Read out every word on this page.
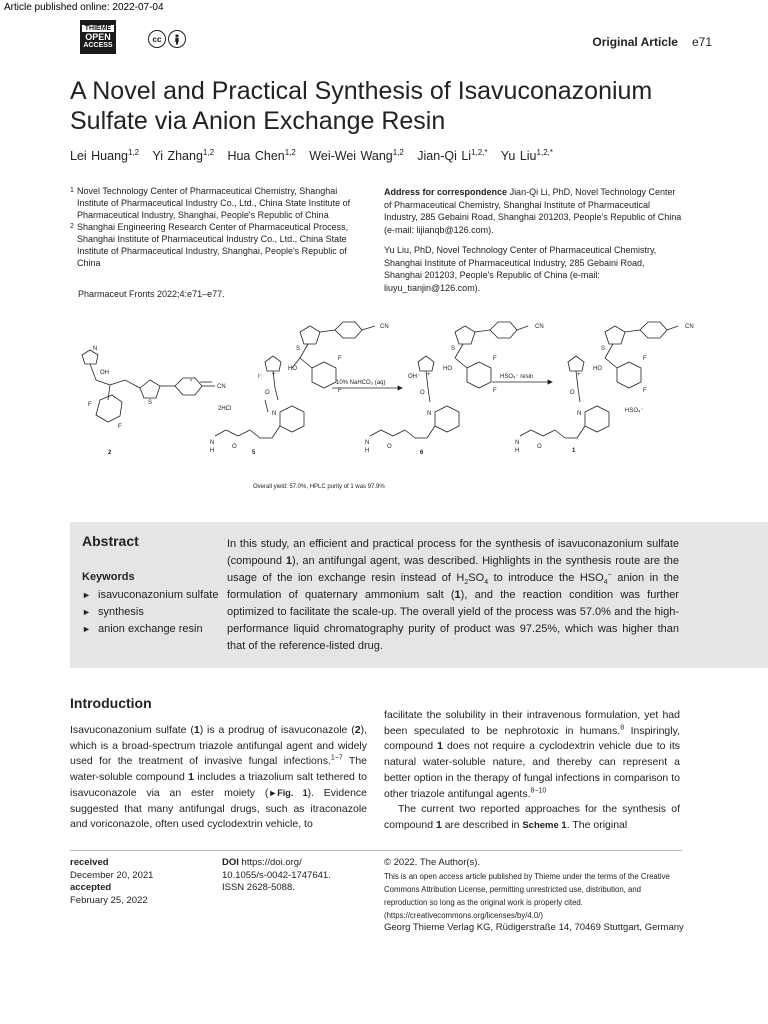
Article published online: 2022-07-04
THIEME
OPEN
ACCESS
cc	Original Article e71
A Novel and Practical Synthesis of Isavuconazonium Sulfate via Anion Exchange Resin
Lei Huang$^{1,2}$ Yi Zhang$^{1,2}$ Hua Chen$^{1,2}$ Wei-Wei Wang$^{1,2}$ Jian-Qi $Li^{1,2,*}$ Yu Liu$^{1,2,*}$
1 Novel Technology Center of Pharmaceutical Chemistry, Shanghai Institute of Pharmaceutical Industry Co., Ltd., China State Institute of Pharmaceutical Industry, Shanghai, People's Republic of China
2 Shanghai Engineering Research Center of Pharmaceutical Process, Shanghai Institute of Pharmaceutical Industry Co., Ltd., China State Institute of Pharmaceutical Industry, Shanghai, People's Republic of China
Pharmaceut Fronts 2022;4:e71–e77.
Address for correspondence Jian-Qi Li, PhD, Novel Technology Center of Pharmaceutical Chemistry, Shanghai Institute of Pharmaceutical Industry, 285 Gebaini Road, Shanghai 201203, People's Republic of China (e-mail: lijianqb@126.com).
Yu Liu, PhD, Novel Technology Center of Pharmaceutical Chemistry, Shanghai Institute of Pharmaceutical Industry, 285 Gebaini Road, Shanghai 201203, People's Republic of China (e-mail: liuyu_tianjin@126.com).
N
OH
F
F
S
CN
CN
S
HO
F
F
I⁻
O
+
2HCl
N
N
H
O
10% NaHCO₃ (aq)
CN
S
HO
F
F
OH⁻ +
O
N
N
H
O
HSO₄⁻ resin
CN
S
HO
F
F
+
O
N
N
H
O
HSO₄⁻
Overall yield: 57.0%, HPLC purity of 1 was 97.9%
2	5	6	1
Abstract
Keywords
► isavuconazonium sulfate
► synthesis
► anion exchange resin
In this study, an efficient and practical process for the synthesis of isavuconazonium sulfate (compound 1), an antifungal agent, was described. Highlights in the synthesis route are the usage of the ion exchange resin instead of $H_2SO_4$ to introduce the $HSO_4^-$ anion in the formulation of quaternary ammonium salt (1), and the reaction condition was further optimized to facilitate the scale-up. The overall yield of the process was 57.0% and the high-performance liquid chromatography purity of product was 97.25%, which was higher than that of the reference-listed drug.
Introduction
Isavuconazonium sulfate (1) is a prodrug of isavuconazole (2), which is a broad-spectrum triazole antifungal agent and widely used for the treatment of invasive fungal infections.$^{1-7}$ The water-soluble compound 1 includes a triazolium salt tethered to isavuconazole via an ester moiety (►Fig. 1). Evidence suggested that many antifungal drugs, such as itraconazole and voriconazole, often used cyclodextrin vehicle, to
facilitate the solubility in their intravenous formulation, yet had been speculated to be nephrotoxic in humans.$^8$ Inspiringly, compound 1 does not require a cyclodextrin vehicle due to its natural water-soluble nature, and thereby can represent a better option in the therapy of fungal infections in comparison to other triazole antifungal agents.$^{8-10}$
The current two reported approaches for the synthesis of compound 1 are described in Scheme 1. The original
received
December 20, 2021
accepted
February 25, 2022
DOI https://doi.org/
10.1055/s-0042-1747641.
ISSN 2628-5088.
© 2022. The Author(s).
This is an open access article published by Thieme under the terms of the Creative Commons Attribution License, permitting unrestricted use, distribution, and reproduction so long as the original work is properly cited. (https://creativecommons.org/licenses/by/4.0/)
Georg Thieme Verlag KG, Rüdigerstraße 14, 70469 Stuttgart, Germany
